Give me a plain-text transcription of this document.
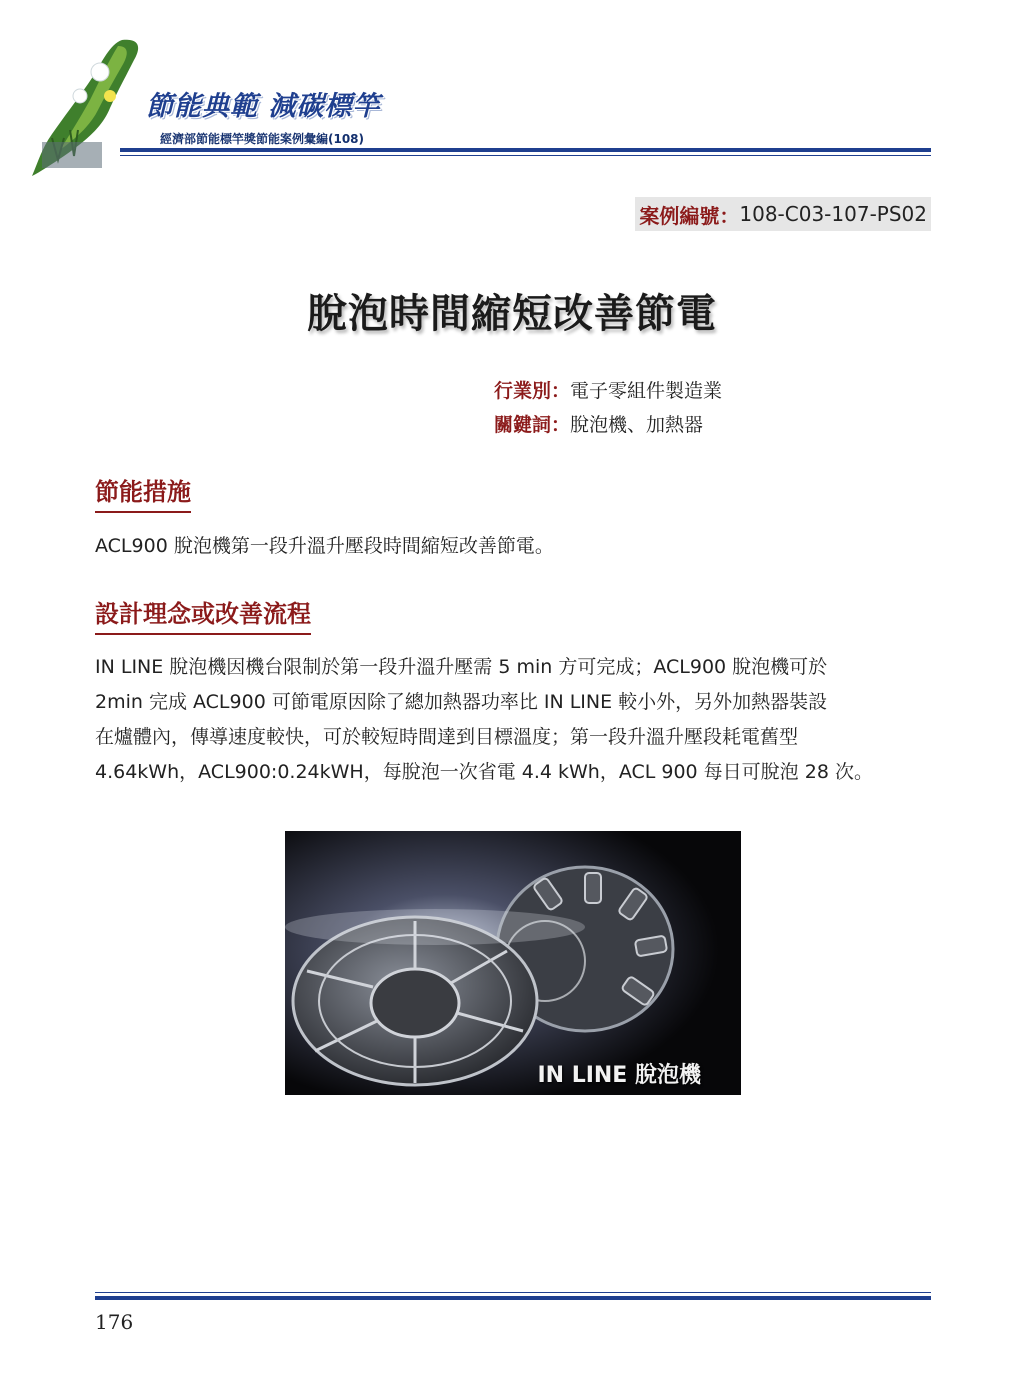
節能典範 減碳標竿
經濟部節能標竿獎節能案例彙編(108)
案例編號： 108-C03-107-PS02
脫泡時間縮短改善節電
行業別：電子零組件製造業
關鍵詞：脫泡機、加熱器
節能措施
ACL900 脫泡機第一段升溫升壓段時間縮短改善節電。
設計理念或改善流程
IN LINE 脫泡機因機台限制於第一段升溫升壓需 5 min 方可完成；ACL900 脫泡機可於
2min 完成 ACL900 可節電原因除了總加熱器功率比 IN LINE 較小外，另外加熱器裝設
在爐體內，傳導速度較快，可於較短時間達到目標溫度；第一段升溫升壓段耗電舊型
4.64kWh，ACL900:0.24kWH，每脫泡一次省電 4.4 kWh，ACL 900 每日可脫泡 28 次。
IN LINE 脫泡機
176
